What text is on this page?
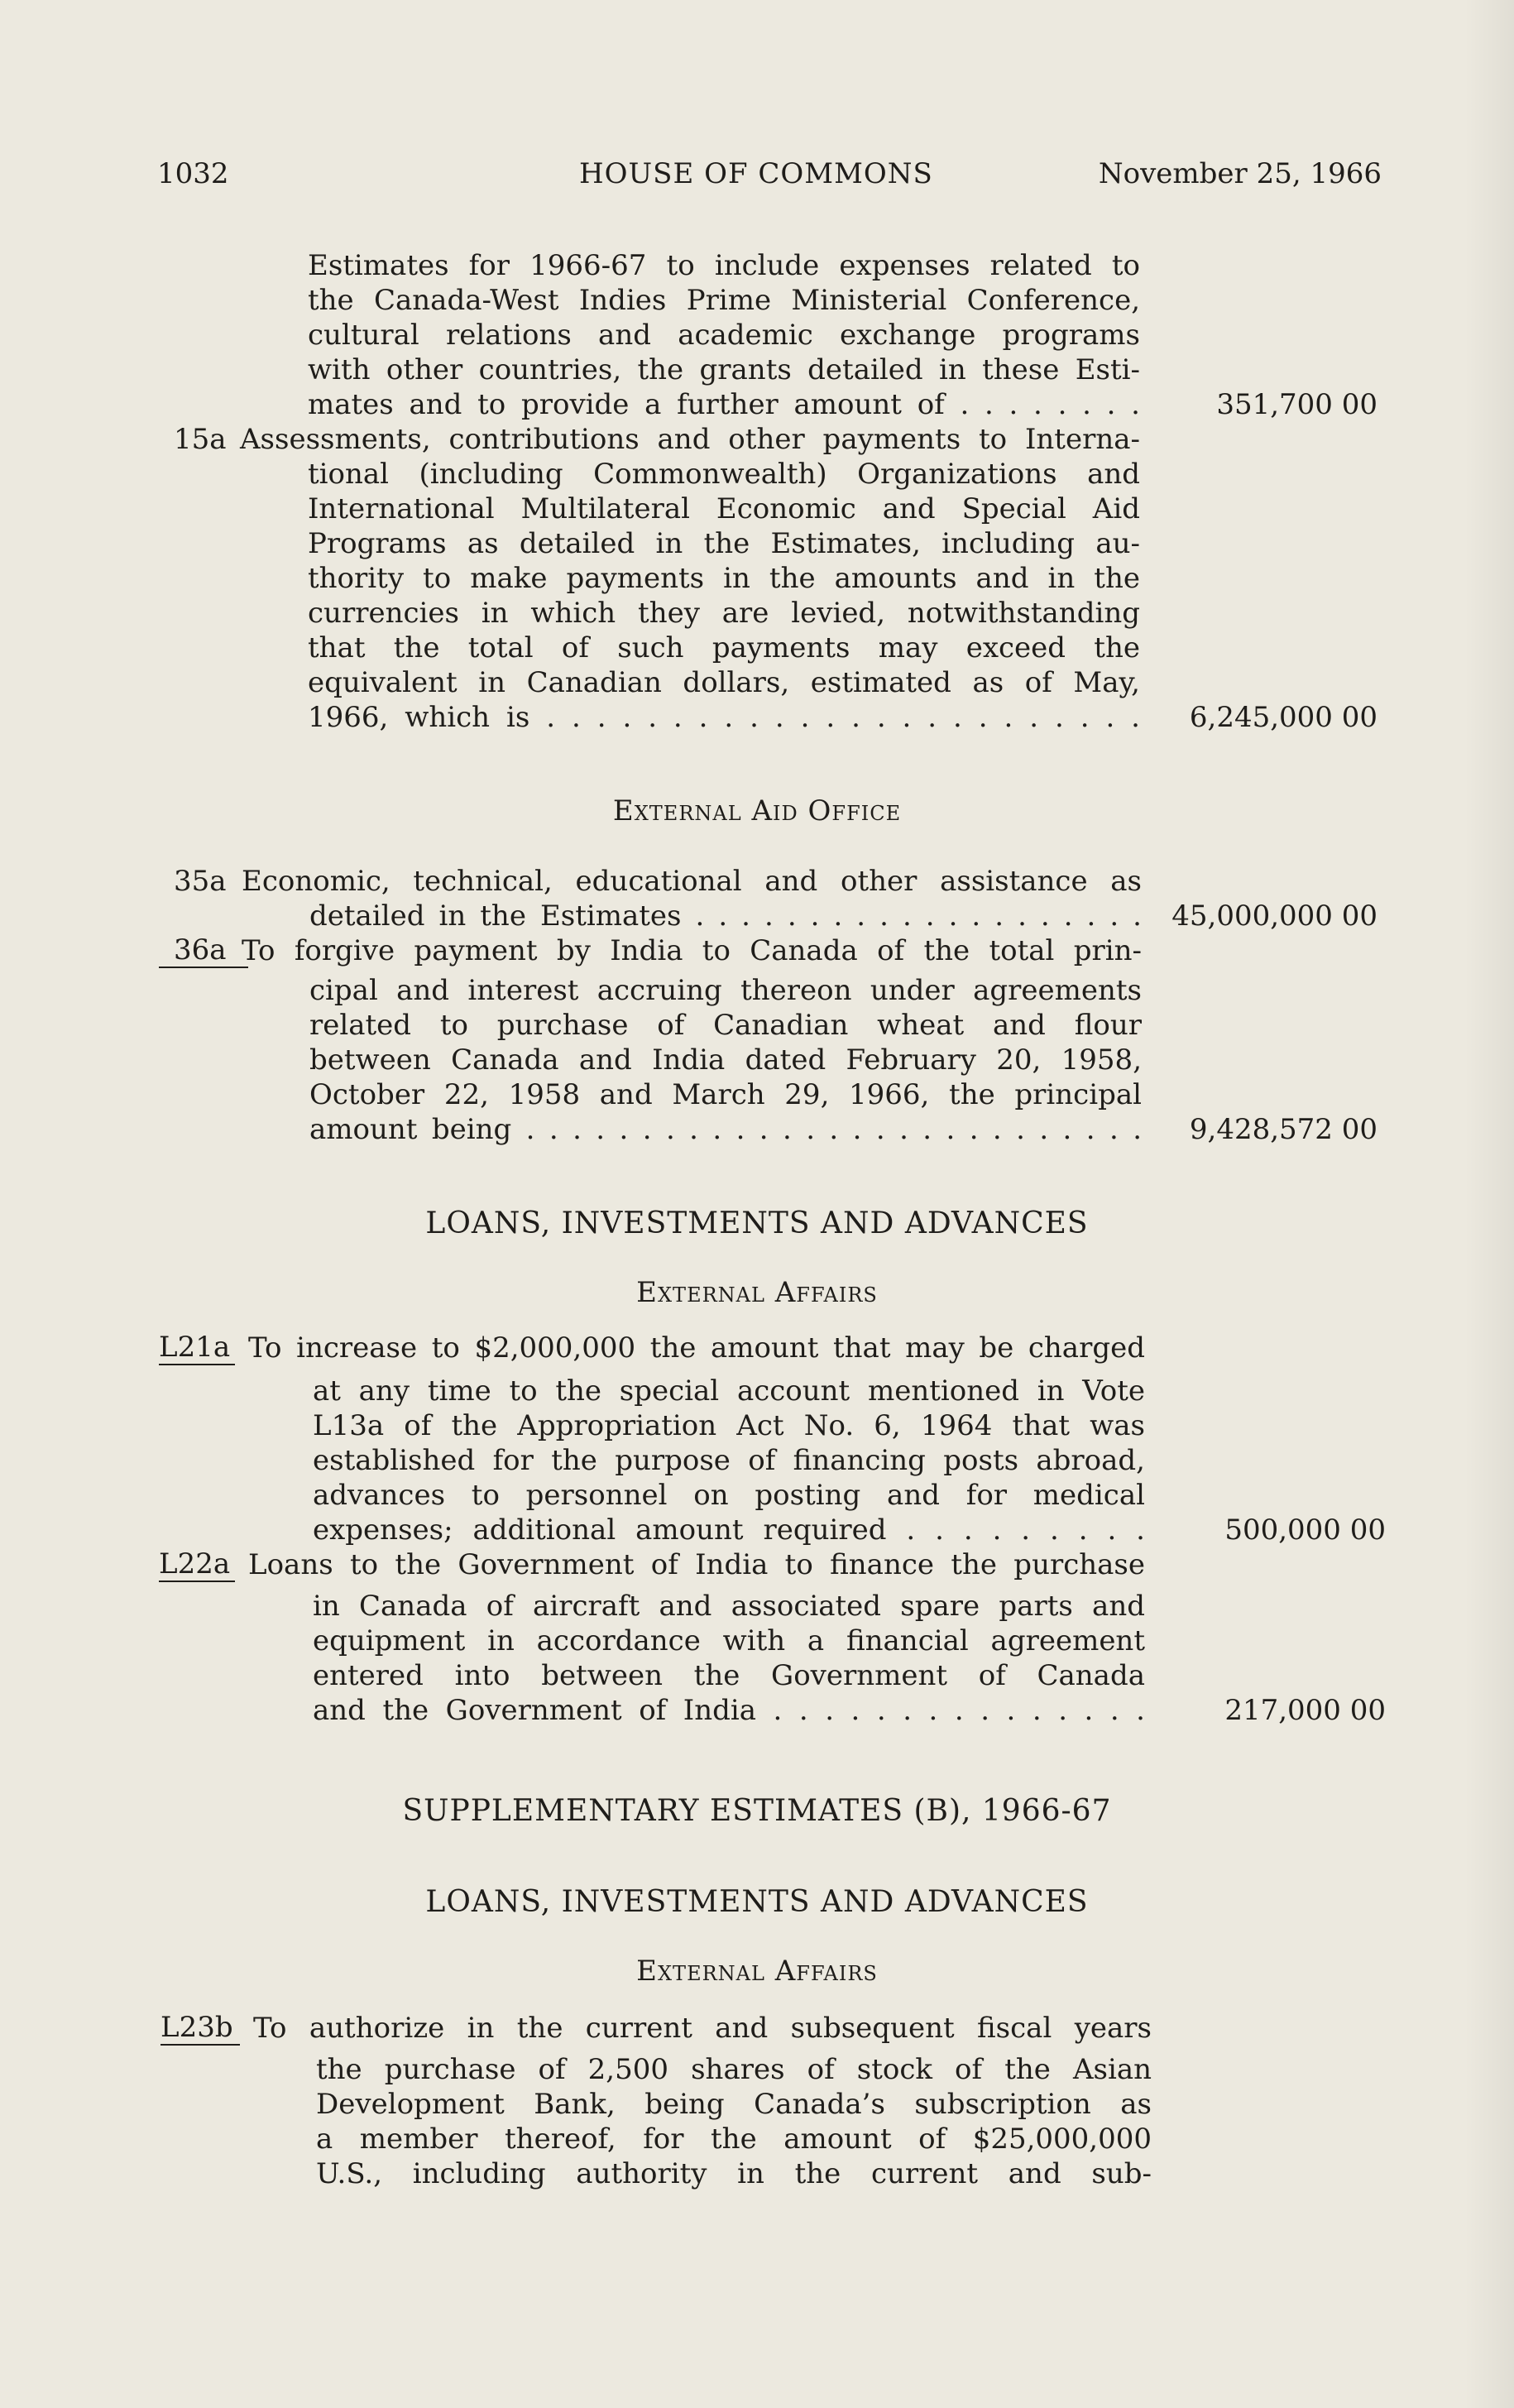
1032	HOUSE OF COMMONS	November 25, 1966
Estimates for 1966-67 to include expenses related to
the Canada-West Indies Prime Ministerial Conference,
cultural relations and academic exchange programs
with other countries, the grants detailed in these Esti-
mates and to provide a further amount of . . . . . . . .	351,700 00
15a Assessments, contributions and other payments to Interna-
tional (including Commonwealth) Organizations and
International Multilateral Economic and Special Aid
Programs as detailed in the Estimates, including au-
thority to make payments in the amounts and in the
currencies in which they are levied, notwithstanding
that the total of such payments may exceed the
equivalent in Canadian dollars, estimated as of May,
1966, which is . . . . . . . . . . . . . . . . . . . . . . . . 6,245,000 00
External Aid Office
35a Economic, technical, educational and other assistance as
detailed in the Estimates . . . . . . . . . . . . . . . . . . . . 45,000,000 00
36a To forgive payment by India to Canada of the total prin-
cipal and interest accruing thereon under agreements
related to purchase of Canadian wheat and flour
between Canada and India dated February 20, 1958,
October 22, 1958 and March 29, 1966, the principal
amount being . . . . . . . . . . . . . . . . . . . . . . . . . . . 9,428,572 00
LOANS, INVESTMENTS AND ADVANCES
External Affairs
L21a To increase to $2,000,000 the amount that may be charged
at any time to the special account mentioned in Vote
L13a of the Appropriation Act No. 6, 1964 that was
established for the purpose of financing posts abroad,
advances to personnel on posting and for medical
expenses; additional amount required . . . . . . . . .	500,000 00
L22a Loans to the Government of India to finance the purchase
in Canada of aircraft and associated spare parts and
equipment in accordance with a financial agreement
entered into between the Government of Canada
and the Government of India . . . . . . . . . . . . . . .	217,000 00
SUPPLEMENTARY ESTIMATES (B), 1966-67
LOANS, INVESTMENTS AND ADVANCES
External Affairs
L23b To authorize in the current and subsequent fiscal years
the purchase of 2,500 shares of stock of the Asian
Development Bank, being Canada’s subscription as
a member thereof, for the amount of $25,000,000
U.S., including authority in the current and sub-
